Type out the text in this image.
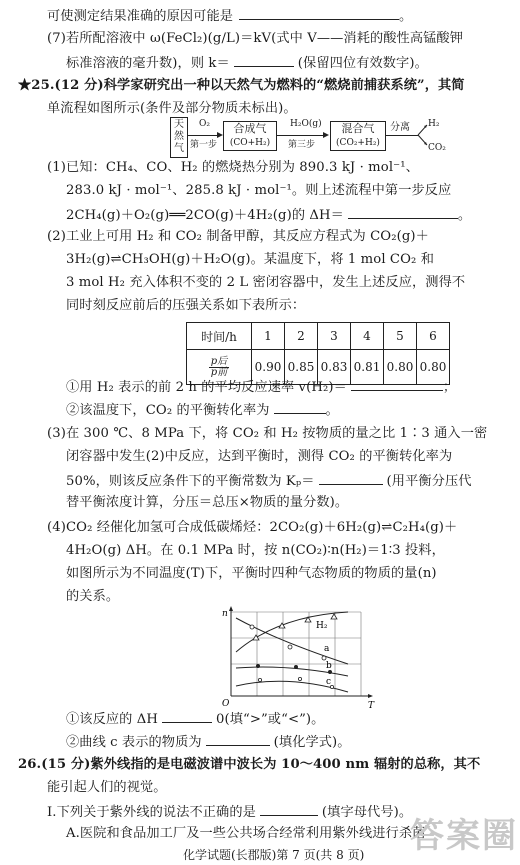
可使测定结果准确的原因可能是	。
(7)若所配溶液中 ω(FeCl₂)(g/L)＝kV(式中 V——消耗的酸性高锰酸钾
标准溶液的毫升数)，则 k＝	(保留四位有效数字)。
★25.(12 分)科学家研究出一种以天然气为燃料的“燃烧前捕获系统”，其简
单流程如图所示(条件及部分物质未标出)。
天然气
O₂
第一步
合成气
(CO+H₂)
H₂O(g)
第三步
混合气
(CO₂+H₂)
分离 H₂
CO₂
(1)已知：CH₄、CO、H₂ 的燃烧热分别为 890.3 kJ · mol⁻¹、
283.0 kJ · mol⁻¹、285.8 kJ · mol⁻¹。则上述流程中第一步反应
2CH₄(g)＋O₂(g)══2CO(g)＋4H₂(g)的 ΔH＝	。
(2)工业上可用 H₂ 和 CO₂ 制备甲醇，其反应方程式为 CO₂(g)＋
3H₂(g)⇌CH₃OH(g)＋H₂O(g)。某温度下，将 1 mol CO₂ 和
3 mol H₂ 充入体积不变的 2 L 密闭容器中，发生上述反应，测得不
同时刻反应前后的压强关系如下表所示：
时间/h	1	2	3	4	5	6

$\frac{\text{p后}}{\text{p前}}$	0.90	0.85	0.83	0.81	0.80	0.80
①用 H₂ 表示的前 2 h 的平均反应速率 v(H₂)＝	；
②该温度下，CO₂ 的平衡转化率为	。
(3)在 300 ℃、8 MPa 下，将 CO₂ 和 H₂ 按物质的量之比 1∶3 通入一密
闭容器中发生(2)中反应，达到平衡时，测得 CO₂ 的平衡转化率为
50%，则该反应条件下的平衡常数为 Kₚ＝	(用平衡分压代
替平衡浓度计算，分压＝总压×物质的量分数)。
(4)CO₂ 经催化加氢可合成低碳烯烃：2CO₂(g)＋6H₂(g)⇌C₂H₄(g)＋
4H₂O(g) ΔH。在 0.1 MPa 时，按 n(CO₂)∶n(H₂)＝1∶3 投料，
如图所示为不同温度(T)下，平衡时四种气态物质的物质的量(n)
的关系。
n
T
O
H₂
a
b
c
①该反应的 ΔH	0(填“>”或“<”)。
②曲线 c 表示的物质为	(填化学式)。
26.(15 分)紫外线指的是电磁波谱中波长为 10～400 nm 辐射的总称，其不
能引起人们的视觉。
Ⅰ.下列关于紫外线的说法不正确的是	(填字母代号)。
A.医院和食品加工厂及一些公共场合经常利用紫外线进行杀菌
答案圈
化学试题(长郡版)第 7 页(共 8 页)
